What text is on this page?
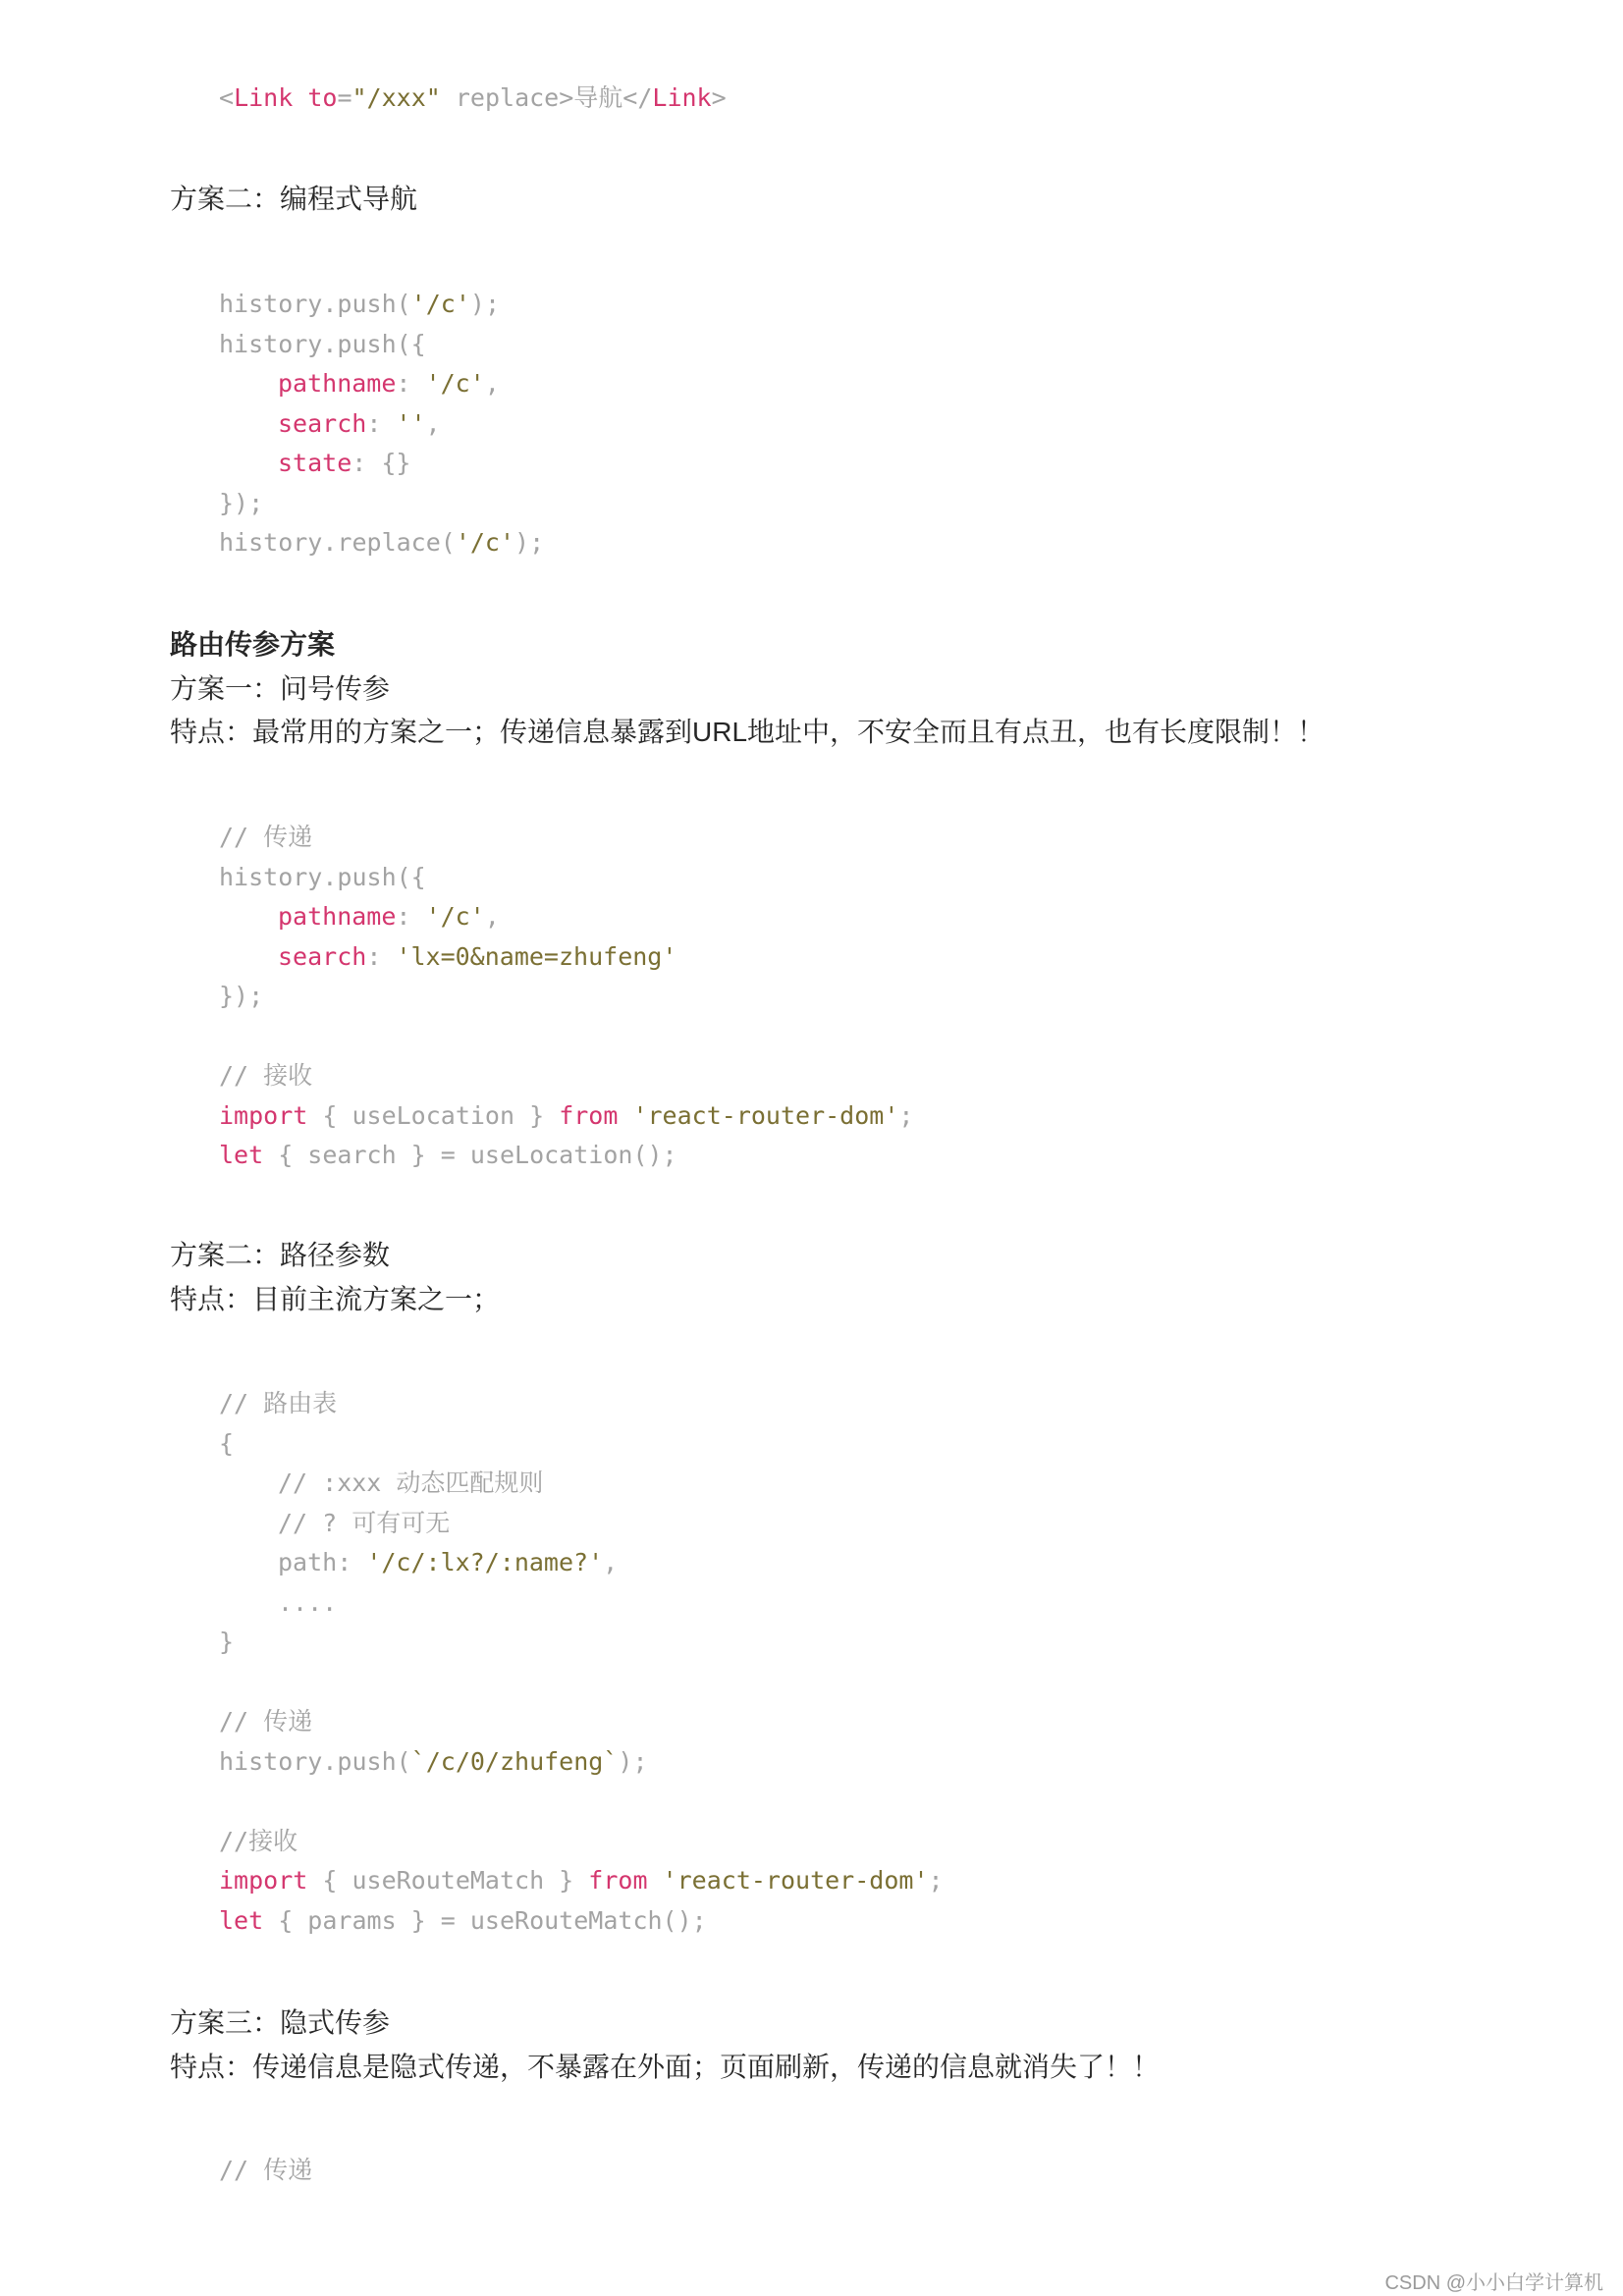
<Link to="/xxx" replace>导航</Link>
方案二：编程式导航
history.push('/c');
history.push({
pathname: '/c',
search: '',
state: {}
});
history.replace('/c');
路由传参方案
方案一：问号传参
特点：最常用的方案之一；传递信息暴露到URL地址中，不安全而且有点丑，也有长度限制！！
// 传递
history.push({
pathname: '/c',
search: 'lx=0&name=zhufeng'
});
// 接收
import { useLocation } from 'react-router-dom';
let { search } = useLocation();
方案二：路径参数
特点：目前主流方案之一；
// 路由表
{
// :xxx 动态匹配规则
// ? 可有可无
path: '/c/:lx?/:name?',
....
}
// 传递
history.push(`/c/0/zhufeng`);
//接收
import { useRouteMatch } from 'react-router-dom';
let { params } = useRouteMatch();
方案三：隐式传参
特点：传递信息是隐式传递，不暴露在外面；页面刷新，传递的信息就消失了！！
// 传递
CSDN @小小白学计算机
